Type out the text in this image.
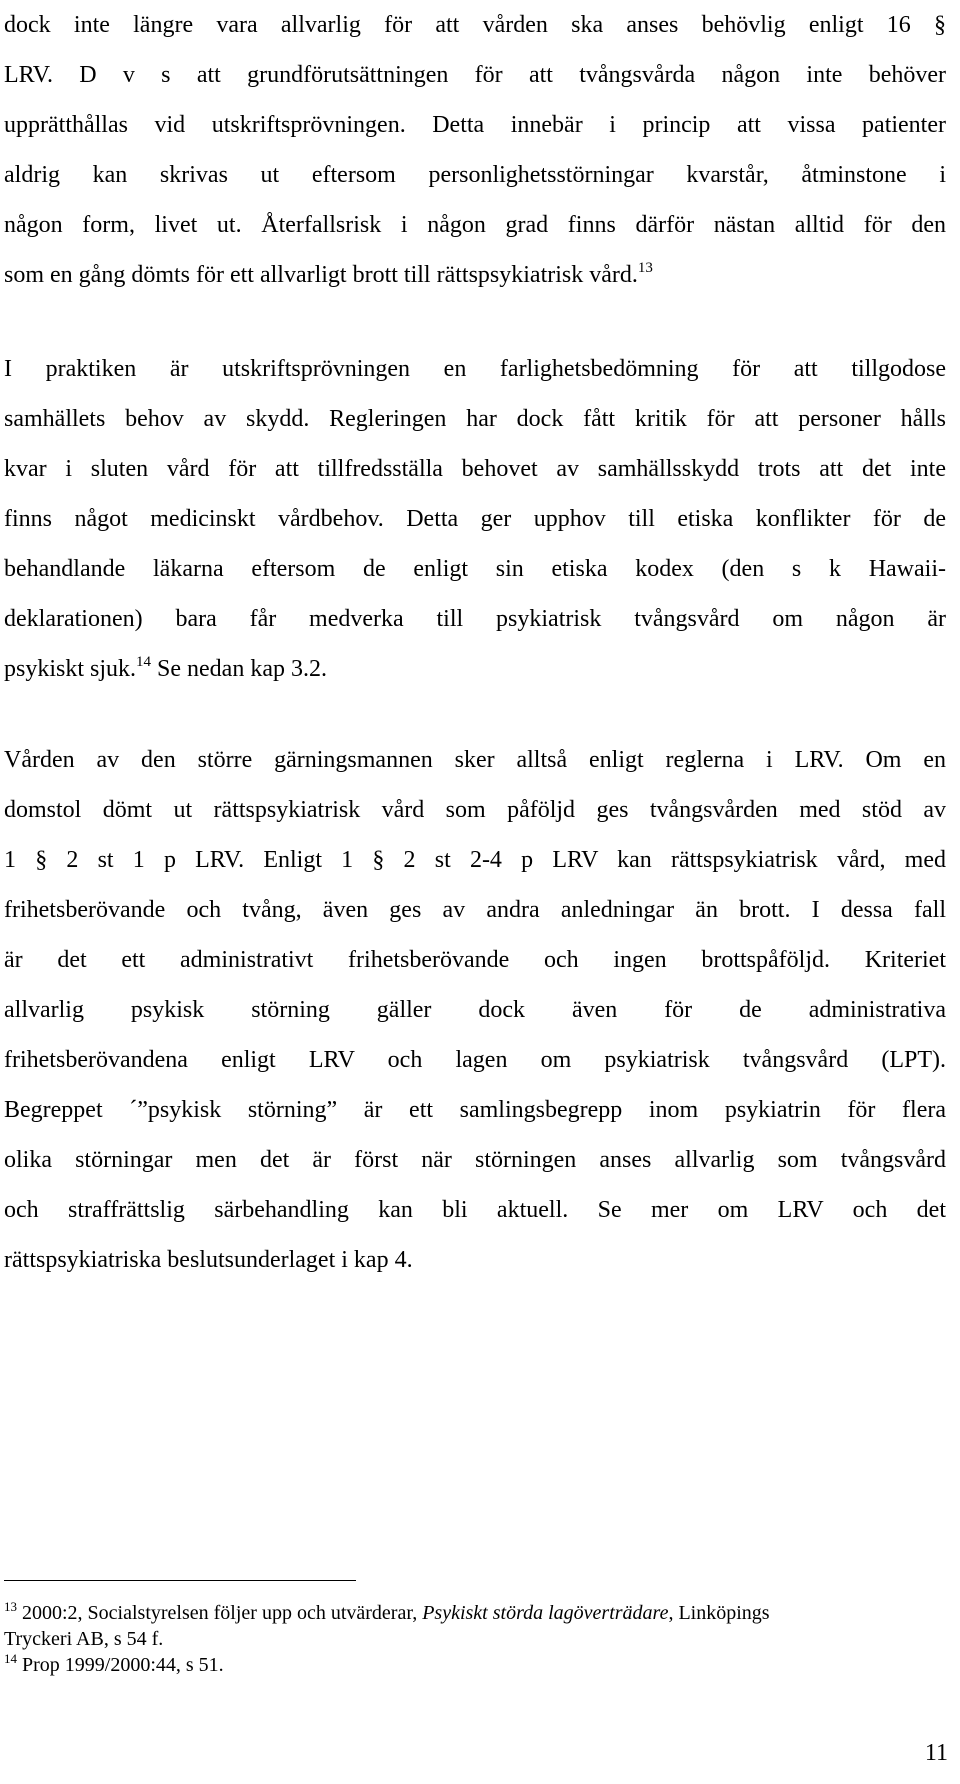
dock inte längre vara allvarlig för att vården ska anses behövlig enligt 16 §
LRV. D v s att grundförutsättningen för att tvångsvårda någon inte behöver
upprätthållas vid utskriftsprövningen. Detta innebär i princip att vissa patienter
aldrig kan skrivas ut eftersom personlighetsstörningar kvarstår, åtminstone i
någon form, livet ut. Återfallsrisk i någon grad finns därför nästan alltid för den
som en gång dömts för ett allvarligt brott till rättspsykiatrisk vård.$^{13}$
I praktiken är utskriftsprövningen en farlighetsbedömning för att tillgodose
samhällets behov av skydd. Regleringen har dock fått kritik för att personer hålls
kvar i sluten vård för att tillfredsställa behovet av samhällsskydd trots att det inte
finns något medicinskt vårdbehov. Detta ger upphov till etiska konflikter för de
behandlande läkarna eftersom de enligt sin etiska kodex (den s k Hawaii-
deklarationen) bara får medverka till psykiatrisk tvångsvård om någon är
psykiskt sjuk.$^{14}$ Se nedan kap 3.2.
Vården av den större gärningsmannen sker alltså enligt reglerna i LRV. Om en
domstol dömt ut rättspsykiatrisk vård som påföljd ges tvångsvården med stöd av
1 § 2 st 1 p LRV. Enligt 1 § 2 st 2-4 p LRV kan rättspsykiatrisk vård, med
frihetsberövande och tvång, även ges av andra anledningar än brott. I dessa fall
är det ett administrativt frihetsberövande och ingen brottspåföljd. Kriteriet
allvarlig psykisk störning gäller dock även för de administrativa
frihetsberövandena enligt LRV och lagen om psykiatrisk tvångsvård (LPT).
Begreppet ´”psykisk störning” är ett samlingsbegrepp inom psykiatrin för flera
olika störningar men det är först när störningen anses allvarlig som tvångsvård
och straffrättslig särbehandling kan bli aktuell. Se mer om LRV och det
rättspsykiatriska beslutsunderlaget i kap 4.
$^{13}$ 2000:2, Socialstyrelsen följer upp och utvärderar, Psykiskt störda lagöverträdare, Linköpings
Tryckeri AB, s 54 f.
$^{14}$ Prop 1999/2000:44, s 51.
11
